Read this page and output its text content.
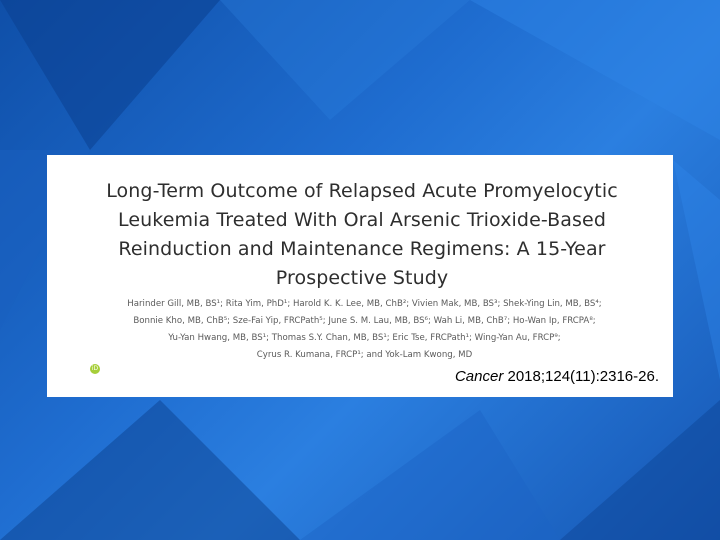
Long-Term Outcome of Relapsed Acute Promyelocytic
Leukemia Treated With Oral Arsenic Trioxide-Based
Reinduction and Maintenance Regimens: A 15-Year
Prospective Study
Harinder Gill, MB, BS¹; Rita Yim, PhD¹; Harold K. K. Lee, MB, ChB²; Vivien Mak, MB, BS³; Shek-Ying Lin, MB, BS⁴;
Bonnie Kho, MB, ChB⁵; Sze-Fai Yip, FRCPath⁵; June S. M. Lau, MB, BS⁶; Wah Li, MB, ChB⁷; Ho-Wan Ip, FRCPA⁸;
Yu-Yan Hwang, MB, BS¹; Thomas S.Y. Chan, MB, BS¹; Eric Tse, FRCPath¹; Wing-Yan Au, FRCP⁹;
Cyrus R. Kumana, FRCP¹; and Yok-Lam Kwong, MD
iD	Cancer 2018;124(11):2316-26.
